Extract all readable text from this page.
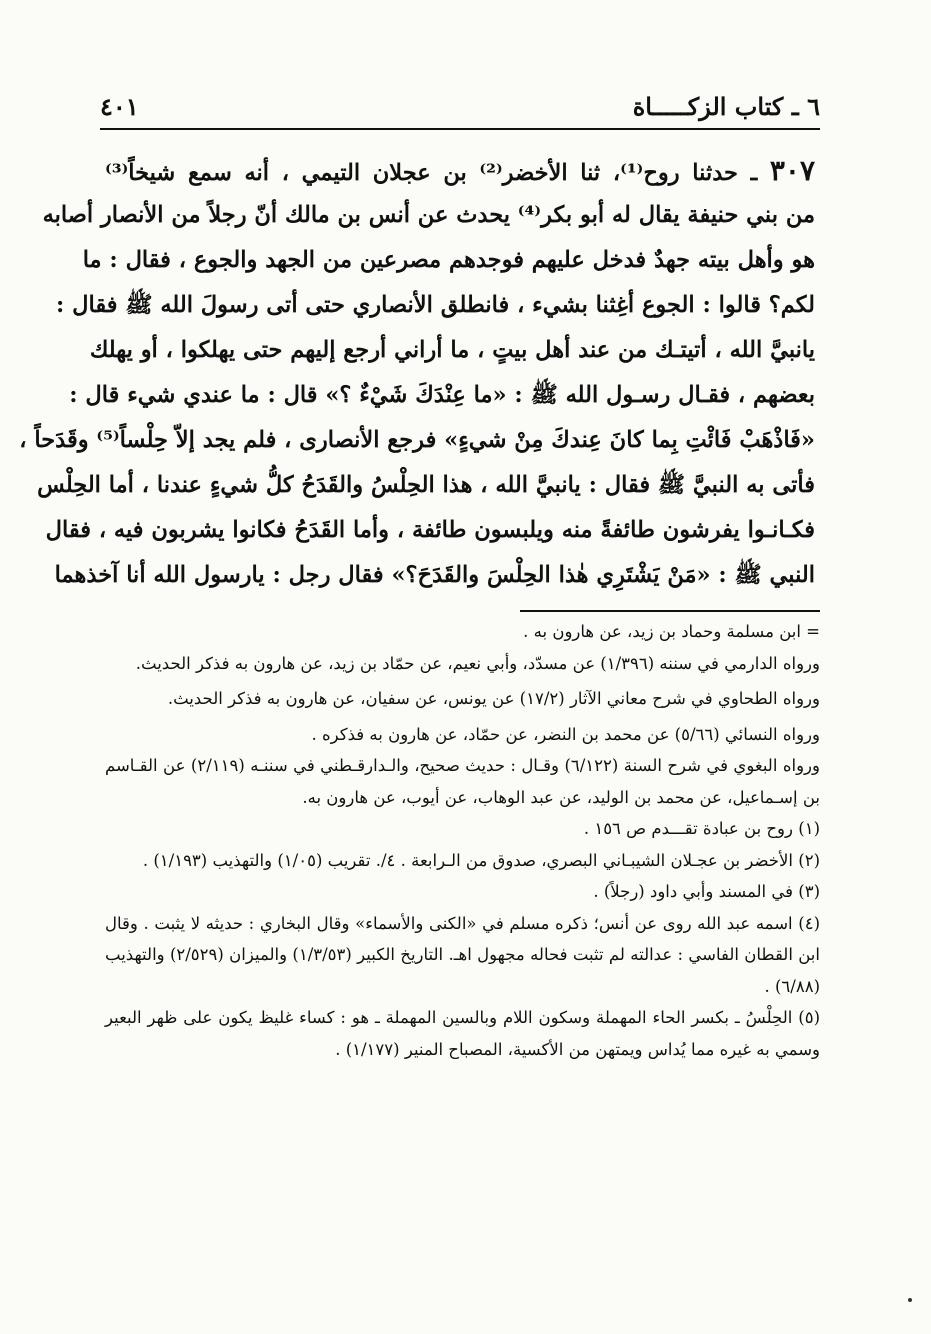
٦ ـ كتاب الزكـــــاة
٤٠١
٣٠٧ ـ حدثنا روح⁽¹⁾، ثنا الأخضر⁽²⁾ بن عجلان التيمي ، أنه سمع شيخاً⁽³⁾
من بني حنيفة يقال له أبو بكر⁽⁴⁾ يحدث عن أنس بن مالك أنّ رجلاً من الأنصار أصابه
هو وأهل بيته جهدٌ فدخل عليهم فوجدهم مصرعين من الجهد والجوع ، فقال : ما
لكم؟ قالوا : الجوع أغِثنا بشيء ، فانطلق الأنصاري حتى أتى رسولَ الله ﷺ فقال :
يانبيَّ الله ، أتيتـك من عند أهل بيتٍ ، ما أراني أرجع إليهم حتى يهلكوا ، أو يهلك
بعضهم ، فقـال رسـول الله ﷺ : «ما عِنْدَكَ شَيْءٌ ؟» قال : ما عندي شيء قال :
«فَاذْهَبْ فَائْتِ بِما كانَ عِندكَ مِنْ شيءٍ» فرجع الأنصارى ، فلم يجد إلاّ حِلْساً⁽⁵⁾ وقَدَحاً ،
فأتى به النبيَّ ﷺ فقال : يانبيَّ الله ، هذا الحِلْسُ والقَدَحُ كلُّ شيءٍ عندنا ، أما الحِلْس
فكـانـوا يفرشون طائفةً منه ويلبسون طائفة ، وأما القَدَحُ فكانوا يشربون فيه ، فقال
النبي ﷺ : «مَنْ يَشْتَرِي هٰذا الحِلْسَ والقَدَحَ؟» فقال رجل : يارسول الله أنا آخذهما

= ابن مسلمة وحماد بن زيد، عن هارون به .

ورواه الدارمي في سننه (١/٣٩٦) عن مسدّد، وأبي نعيم، عن حمّاد بن زيد، عن هارون به فذكر الحديث.

ورواه الطحاوي في شرح معاني الآثار (١٧/٢) عن يونس، عن سفيان، عن هارون به فذكر الحديث.

ورواه النسائي (٥/٦٦) عن محمد بن النضر، عن حمّاد، عن هارون به فذكره .

ورواه البغوي في شرح السنة (٦/١٢٢) وقـال : حديث صحيح، والـدارقـطني في سننـه (٢/١١٩) عن القـاسم بن إسـماعيل، عن محمد بن الوليد، عن عبد الوهاب، عن أيوب، عن هارون به.

(١) روح بن عبادة تقـــدم ص ١٥٦ .

(٢) الأخضر بن عجـلان الشيبـاني البصري، صدوق من الـرابعة . ٤/. تقريب (١/٠٥) والتهذيب (١/١٩٣) .

(٣) في المسند وأبي داود (رجلاً) .

(٤) اسمه عبد الله روى عن أنس؛ ذكره مسلم في «الكنى والأسماء» وقال البخاري : حديثه لا يثبت . وقال ابن القطان الفاسي : عدالته لم تثبت فحاله مجهول اهـ. التاريخ الكبير (١/٣/٥٣) والميزان (٢/٥٢٩) والتهذيب (٦/٨٨) .

(٥) الحِلْسُ ـ بكسر الحاء المهملة وسكون اللام وبالسين المهملة ـ هو : كساء غليظ يكون على ظهر البعير وسمي به غيره مما يُداس ويمتهن من الأكسية، المصباح المنير (١/١٧٧) .
